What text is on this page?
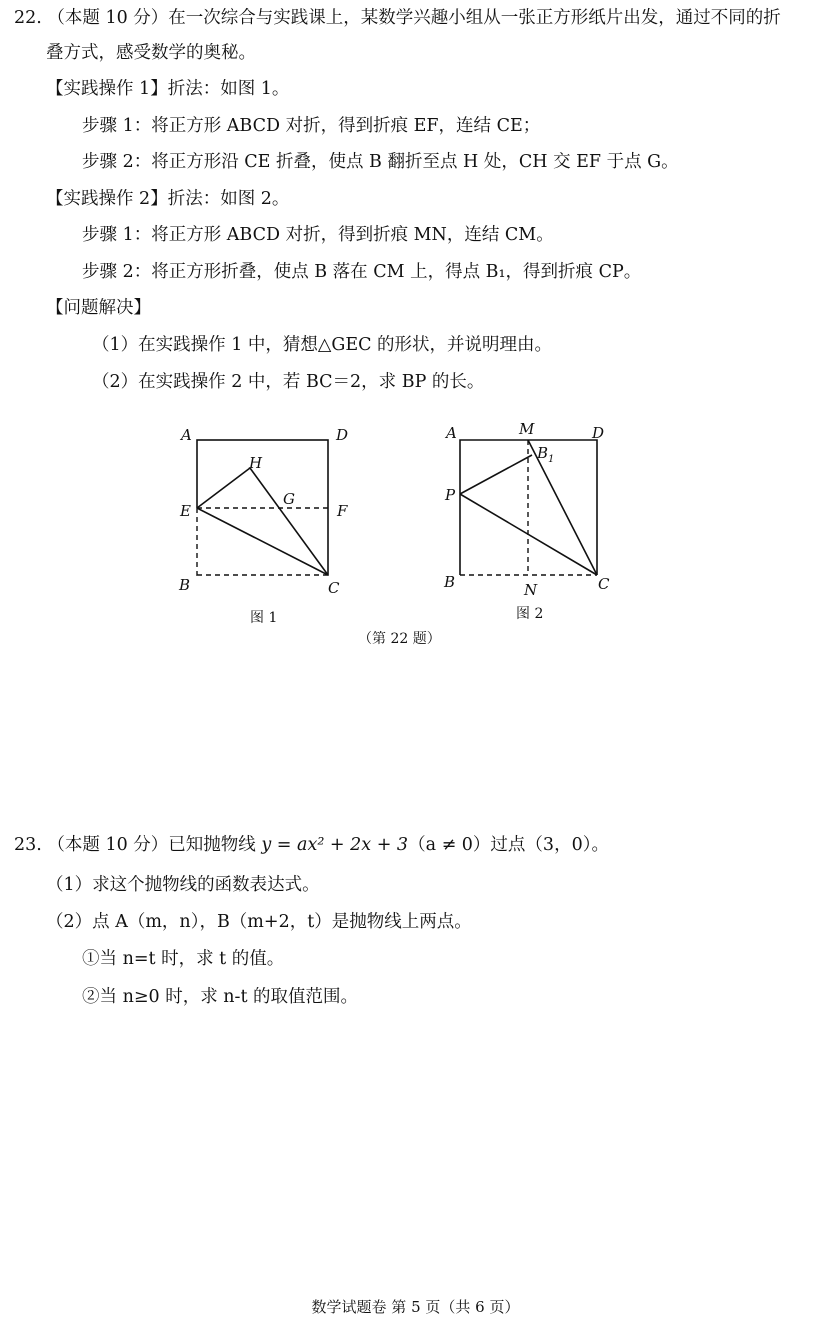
22. （本题 10 分）在一次综合与实践课上，某数学兴趣小组从一张正方形纸片出发，通过不同的折
叠方式，感受数学的奥秘。
【实践操作 1】折法：如图 1。
步骤 1：将正方形 ABCD 对折，得到折痕 EF，连结 CE；
步骤 2：将正方形沿 CE 折叠，使点 B 翻折至点 H 处，CH 交 EF 于点 G。
【实践操作 2】折法：如图 2。
步骤 1：将正方形 ABCD 对折，得到折痕 MN，连结 CM。
步骤 2：将正方形折叠，使点 B 落在 CM 上，得点 B₁，得到折痕 CP。
【问题解决】
（1）在实践操作 1 中，猜想△GEC 的形状，并说明理由。
（2）在实践操作 2 中，若 BC＝2，求 BP 的长。
A	D
H
G
E	F
B	C
图 1
A	M	D
$B_1$
P
B	N	C
图 2
（第 22 题）
23. （本题 10 分）已知抛物线 y = ax² + 2x + 3（a ≠ 0）过点（3，0）。
（1）求这个抛物线的函数表达式。
（2）点 A（m，n），B（m+2，t）是抛物线上两点。
①当 n=t 时，求 t 的值。
②当 n≥0 时，求 n-t 的取值范围。
数学试题卷 第 5 页（共 6 页）
